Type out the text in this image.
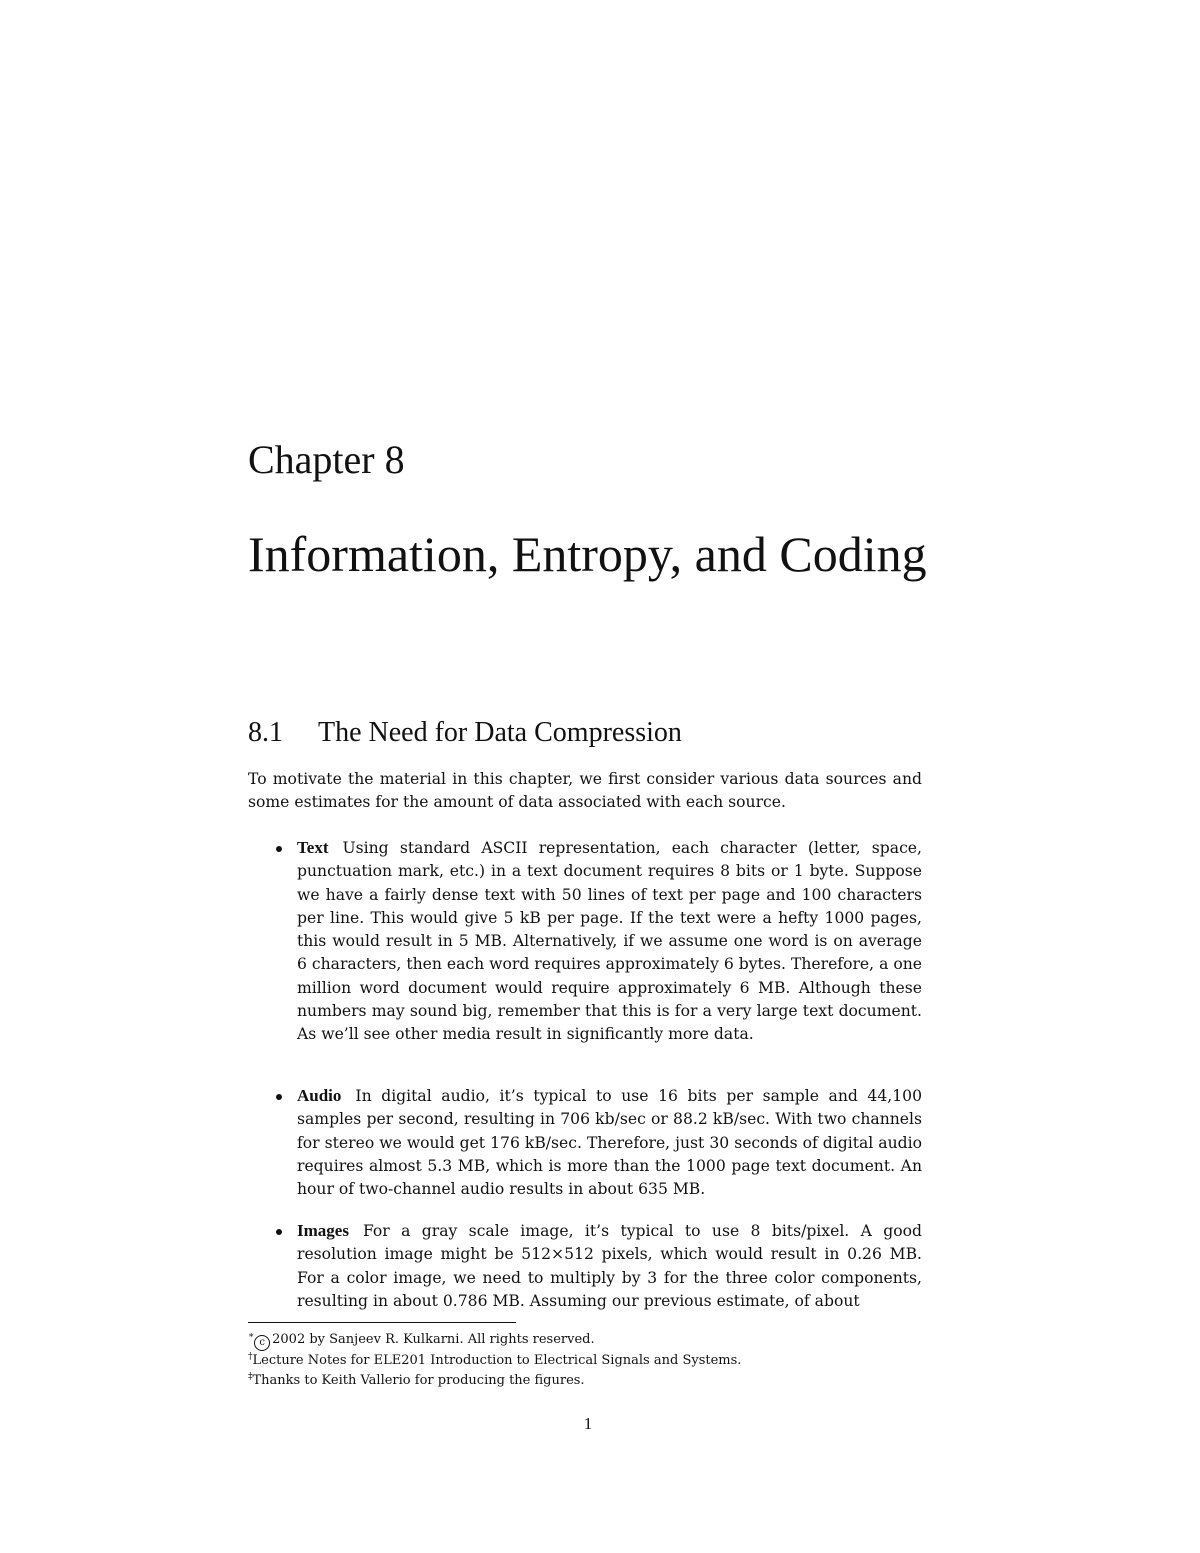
Chapter 8
Information, Entropy, and Coding
8.1 The Need for Data Compression

To motivate the material in this chapter, we first consider various data sources and some estimates for the amount of data associated with each source.

Text Using standard ASCII representation, each character (letter, space, punctuation mark, etc.) in a text document requires 8 bits or 1 byte. Suppose we have a fairly dense text with 50 lines of text per page and 100 characters per line. This would give 5 kB per page. If the text were a hefty 1000 pages, this would result in 5 MB. Alternatively, if we assume one word is on average 6 characters, then each word requires approximately 6 bytes. Therefore, a one million word document would require approximately 6 MB. Although these numbers may sound big, remember that this is for a very large text document. As we’ll see other media result in significantly more data.
Audio In digital audio, it’s typical to use 16 bits per sample and 44,100 samples per second, resulting in 706 kb/sec or 88.2 kB/sec. With two channels for stereo we would get 176 kB/sec. Therefore, just 30 seconds of digital audio requires almost 5.3 MB, which is more than the 1000 page text document. An hour of two-channel audio results in about 635 MB.
Images For a gray scale image, it’s typical to use 8 bits/pixel. A good resolution image might be 512×512 pixels, which would result in 0.26 MB. For a color image, we need to multiply by 3 for the three color components, resulting in about 0.786 MB. Assuming our previous estimate, of about
∗c 2002 by Sanjeev R. Kulkarni. All rights reserved.
†Lecture Notes for ELE201 Introduction to Electrical Signals and Systems.
‡Thanks to Keith Vallerio for producing the figures.
1
